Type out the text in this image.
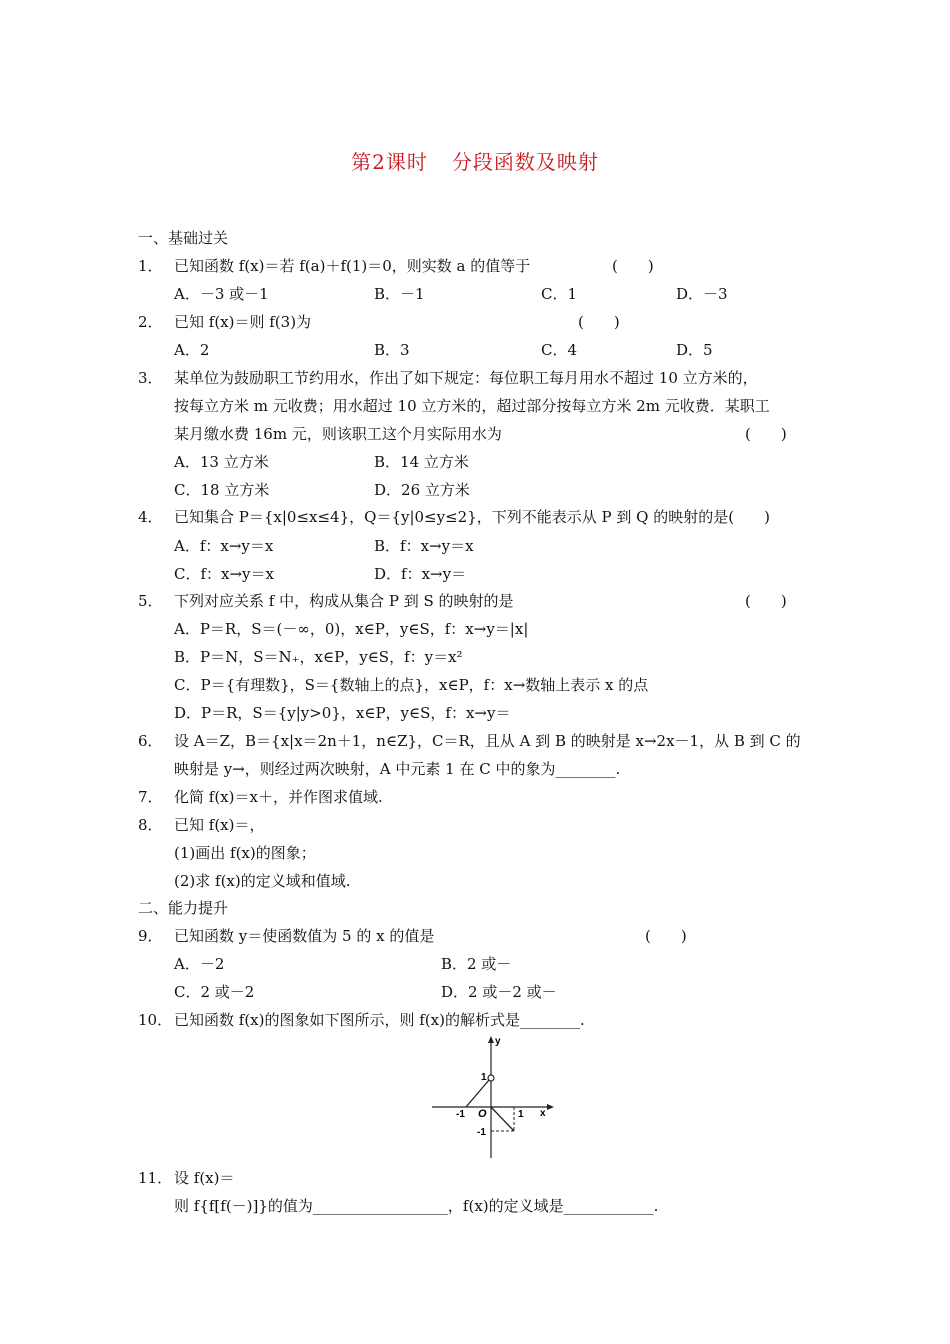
第2课时 分段函数及映射
一、基础过关
1． 已知函数 f(x)＝若 f(a)＋f(1)＝0，则实数 a 的值等于	(　　)
A．－3 或－1	B．－1	C．1	D．－3
2． 已知 f(x)＝则 f(3)为	(　　)
A．2	B．3	C．4	D．5
3． 某单位为鼓励职工节约用水，作出了如下规定：每位职工每月用水不超过 10 立方米的，
按每立方米 m 元收费；用水超过 10 立方米的，超过部分按每立方米 2m 元收费．某职工
某月缴水费 16m 元，则该职工这个月实际用水为	(　　)
A．13 立方米	B．14 立方米
C．18 立方米	D．26 立方米
4． 已知集合 P＝{x|0≤x≤4}，Q＝{y|0≤y≤2}，下列不能表示从 P 到 Q 的映射的是(　　)
A．f：x→y＝x	B．f：x→y＝x
C．f：x→y＝x	D．f：x→y＝
5． 下列对应关系 f 中，构成从集合 P 到 S 的映射的是	(　　)
A．P＝R，S＝(－∞，0)，x∈P，y∈S，f：x→y＝|x|
B．P＝N，S＝N₊，x∈P，y∈S，f：y＝x²
C．P＝{有理数}，S＝{数轴上的点}，x∈P，f：x→数轴上表示 x 的点
D．P＝R，S＝{y|y>0}，x∈P，y∈S，f：x→y＝
6． 设 A＝Z，B＝{x|x＝2n＋1，n∈Z}，C＝R，且从 A 到 B 的映射是 x→2x－1，从 B 到 C 的
映射是 y→，则经过两次映射，A 中元素 1 在 C 中的象为________.
7． 化简 f(x)＝x＋，并作图求值域.
8． 已知 f(x)＝，
(1)画出 f(x)的图象；
(2)求 f(x)的定义域和值域.
二、能力提升
9． 已知函数 y＝使函数值为 5 的 x 的值是	(　　)
A．－2	B．2 或－
C．2 或－2	D．2 或－2 或－
10． 已知函数 f(x)的图象如下图所示，则 f(x)的解析式是________.
y
x
O
1
-1	1
-1
11． 设 f(x)＝
则 f{f[f(－)]}的值为__________________，f(x)的定义域是____________.
